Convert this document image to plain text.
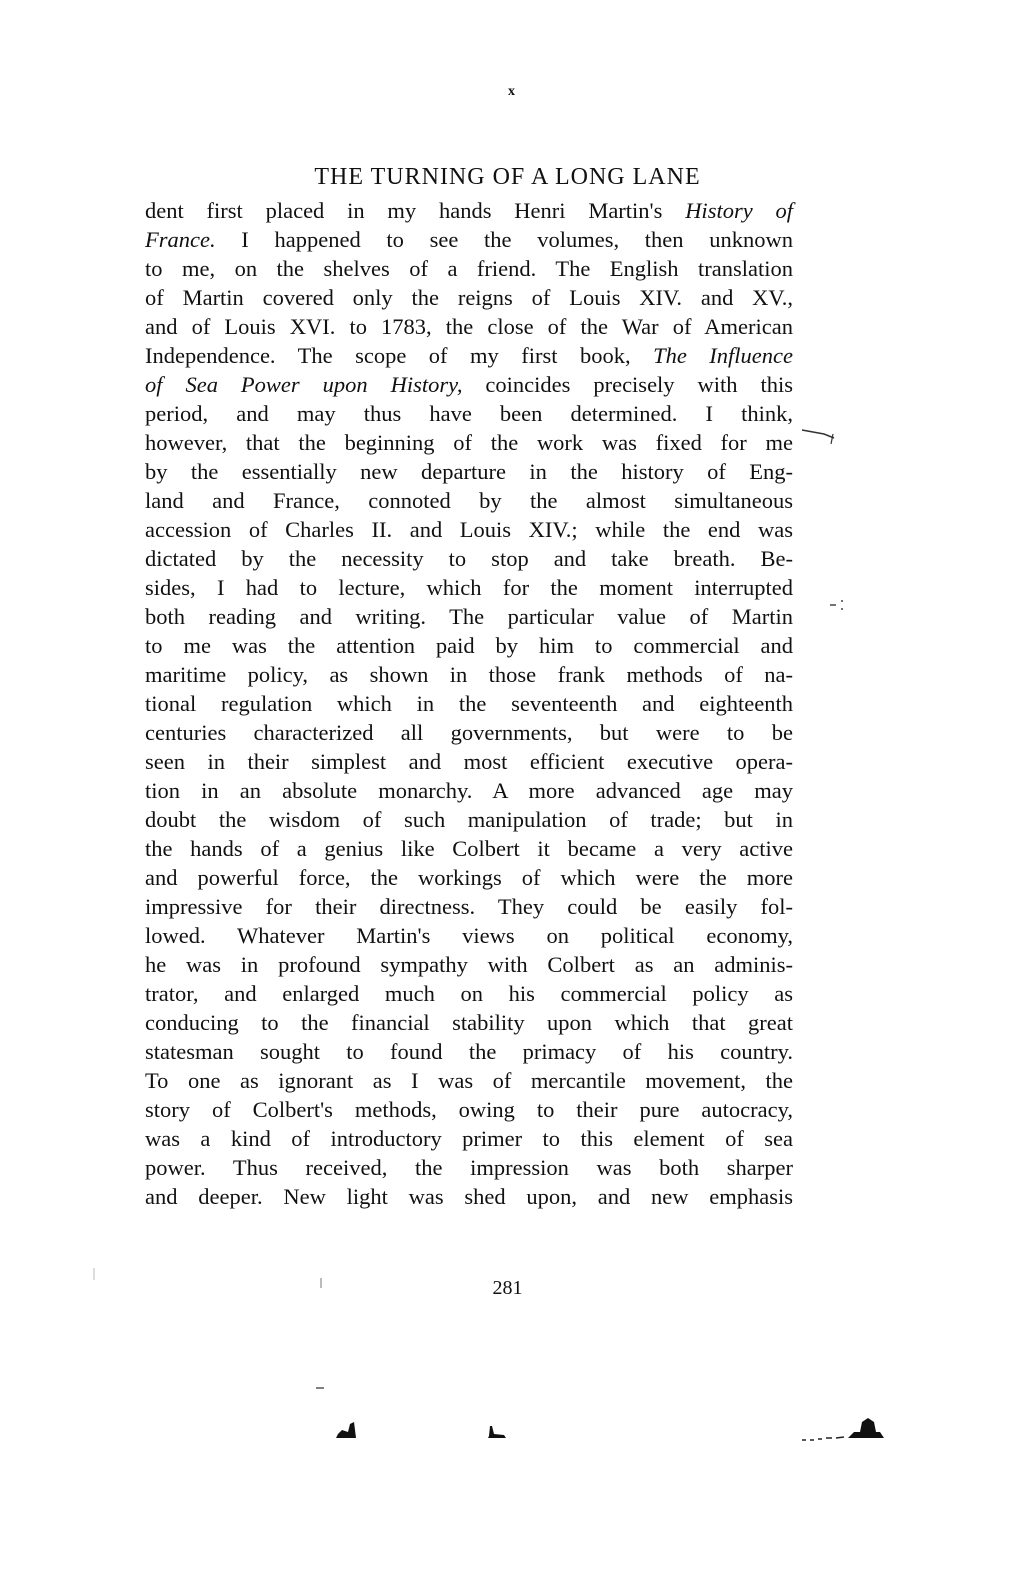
x
THE TURNING OF A LONG LANE
dent first placed in my hands Henri Martin's History of
France. I happened to see the volumes, then unknown
to me, on the shelves of a friend. The English translation
of Martin covered only the reigns of Louis XIV. and XV.,
and of Louis XVI. to 1783, the close of the War of American
Independence. The scope of my first book, The Influence
of Sea Power upon History, coincides precisely with this
period, and may thus have been determined. I think,
however, that the beginning of the work was fixed for me
by the essentially new departure in the history of Eng-
land and France, connoted by the almost simultaneous
accession of Charles II. and Louis XIV.; while the end was
dictated by the necessity to stop and take breath. Be-
sides, I had to lecture, which for the moment interrupted
both reading and writing. The particular value of Martin
to me was the attention paid by him to commercial and
maritime policy, as shown in those frank methods of na-
tional regulation which in the seventeenth and eighteenth
centuries characterized all governments, but were to be
seen in their simplest and most efficient executive opera-
tion in an absolute monarchy. A more advanced age may
doubt the wisdom of such manipulation of trade; but in
the hands of a genius like Colbert it became a very active
and powerful force, the workings of which were the more
impressive for their directness. They could be easily fol-
lowed. Whatever Martin's views on political economy,
he was in profound sympathy with Colbert as an adminis-
trator, and enlarged much on his commercial policy as
conducing to the financial stability upon which that great
statesman sought to found the primacy of his country.
To one as ignorant as I was of mercantile movement, the
story of Colbert's methods, owing to their pure autocracy,
was a kind of introductory primer to this element of sea
power. Thus received, the impression was both sharper
and deeper. New light was shed upon, and new emphasis
281
